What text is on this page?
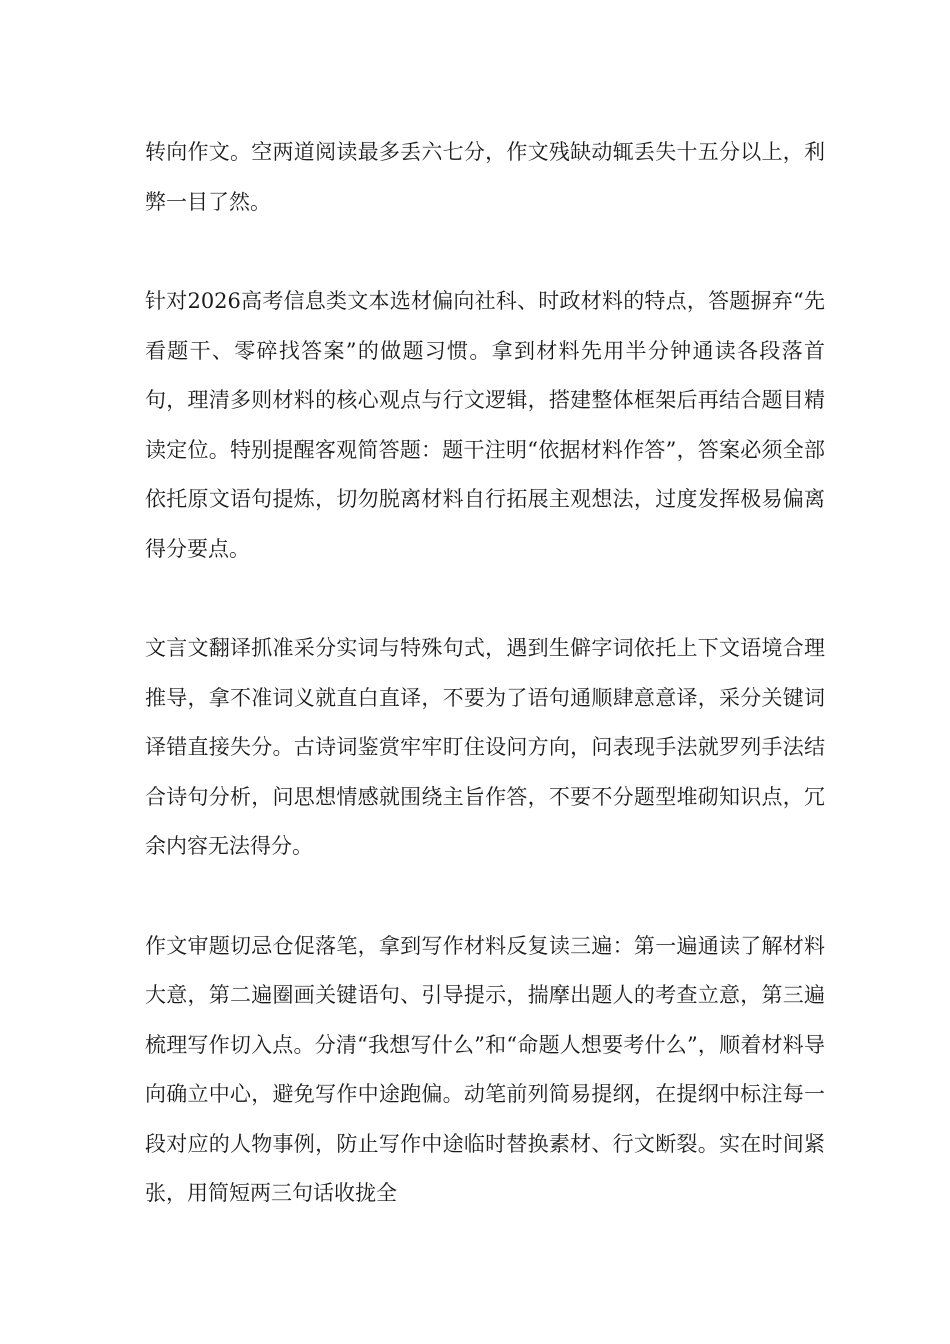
转向作文。空两道阅读最多丢六七分，作文残缺动辄丢失十五分以上，利弊一目了然。

针对2026高考信息类文本选材偏向社科、时政材料的特点，答题摒弃“先看题干、零碎找答案”的做题习惯。拿到材料先用半分钟通读各段落首句，理清多则材料的核心观点与行文逻辑，搭建整体框架后再结合题目精读定位。特别提醒客观简答题：题干注明“依据材料作答”，答案必须全部依托原文语句提炼，切勿脱离材料自行拓展主观想法，过度发挥极易偏离得分要点。

文言文翻译抓准采分实词与特殊句式，遇到生僻字词依托上下文语境合理推导，拿不准词义就直白直译，不要为了语句通顺肆意意译，采分关键词译错直接失分。古诗词鉴赏牢牢盯住设问方向，问表现手法就罗列手法结合诗句分析，问思想情感就围绕主旨作答，不要不分题型堆砌知识点，冗余内容无法得分。

作文审题切忌仓促落笔，拿到写作材料反复读三遍：第一遍通读了解材料大意，第二遍圈画关键语句、引导提示，揣摩出题人的考查立意，第三遍梳理写作切入点。分清“我想写什么”和“命题人想要考什么”，顺着材料导向确立中心，避免写作中途跑偏。动笔前列简易提纲，在提纲中标注每一段对应的人物事例，防止写作中途临时替换素材、行文断裂。实在时间紧张，用简短两三句话收拢全
